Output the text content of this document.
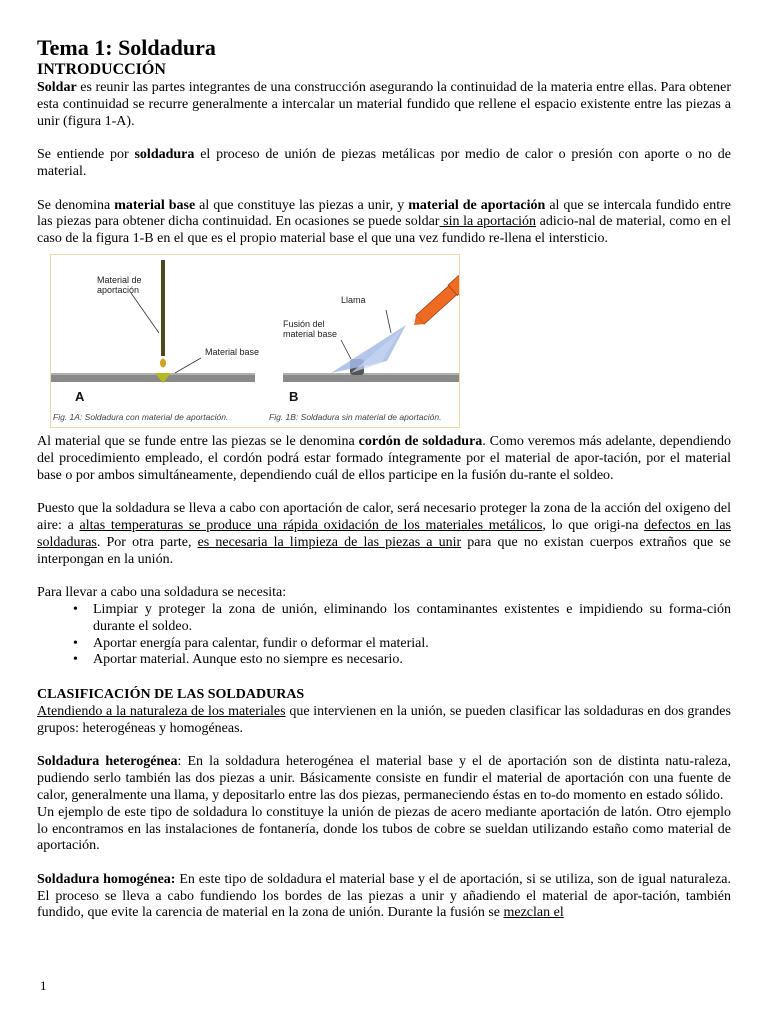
Tema 1: Soldadura
INTRODUCCIÓN

Soldar es reunir las partes integrantes de una construcción asegurando la continuidad de la materia entre ellas. Para obtener esta continuidad se recurre generalmente a intercalar un material fundido que rellene el espacio existente entre las piezas a unir (figura 1-A).

Se entiende por soldadura el proceso de unión de piezas metálicas por medio de calor o presión con aporte o no de material.

Se denomina material base al que constituye las piezas a unir, y material de aportación al que se intercala fundido entre las piezas para obtener dicha continuidad. En ocasiones se puede soldar sin la aportación adicio-nal de material, como en el caso de la figura 1-B en el que es el propio material base el que una vez fundido re-llena el intersticio.

Material de
aportación
Material base
A
Llama
Fusión del
material base
B
Fig. 1A: Soldadura con material de aportación.	Fig. 1B: Soldadura sin material de aportación.

Al material que se funde entre las piezas se le denomina cordón de soldadura. Como veremos más adelante, dependiendo del procedimiento empleado, el cordón podrá estar formado íntegramente por el material de apor-tación, por el material base o por ambos simultáneamente, dependiendo cuál de ellos participe en la fusión du-rante el soldeo.

Puesto que la soldadura se lleva a cabo con aportación de calor, será necesario proteger la zona de la acción del oxigeno del aire: a altas temperaturas se produce una rápida oxidación de los materiales metálicos, lo que origi-na defectos en las soldaduras. Por otra parte, es necesaria la limpieza de las piezas a unir para que no existan cuerpos extraños que se interpongan en la unión.

Para llevar a cabo una soldadura se necesita:

• Limpiar y proteger la zona de unión, eliminando los contaminantes existentes e impidiendo su forma-ción durante el soldeo.
• Aportar energía para calentar, fundir o deformar el material.
• Aportar material. Aunque esto no siempre es necesario.
CLASIFICACIÓN DE LAS SOLDADURAS

Atendiendo a la naturaleza de los materiales que intervienen en la unión, se pueden clasificar las soldaduras en dos grandes grupos: heterogéneas y homogéneas.

Soldadura heterogénea: En la soldadura heterogénea el material base y el de aportación son de distinta natu-raleza, pudiendo serlo también las dos piezas a unir. Básicamente consiste en fundir el material de aportación con una fuente de calor, generalmente una llama, y depositarlo entre las dos piezas, permaneciendo éstas en to-do momento en estado sólido.

Un ejemplo de este tipo de soldadura lo constituye la unión de piezas de acero mediante aportación de latón. Otro ejemplo lo encontramos en las instalaciones de fontanería, donde los tubos de cobre se sueldan utilizando estaño como material de aportación.

Soldadura homogénea: En este tipo de soldadura el material base y el de aportación, si se utiliza, son de igual naturaleza. El proceso se lleva a cabo fundiendo los bordes de las piezas a unir y añadiendo el material de apor-tación, también fundido, que evite la carencia de material en la zona de unión. Durante la fusión se mezclan el

1
